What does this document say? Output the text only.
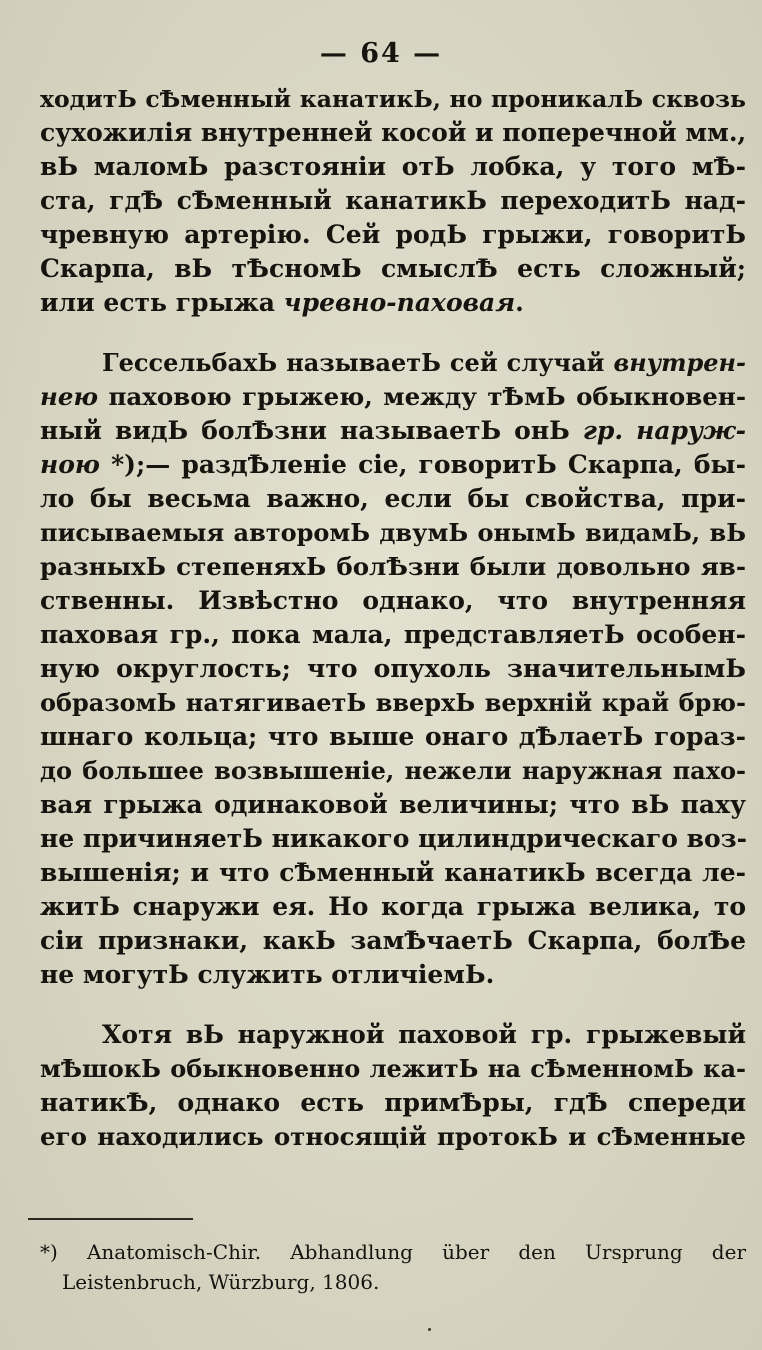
— 64 —

ходитЬ сѢменный канатикЬ, но проникалЬ сквозь

сухожилія внутренней косой и поперечной мм.,

вЬ маломЬ разстояніи отЬ лобка, у того мѢ-

ста, гдѢ сѢменный канатикЬ переходитЬ над-

чревную артерію. Сей родЬ грыжи, говоритЬ

Скарпа, вЬ тѢсномЬ смыслѢ есть сложный;

или есть грыжа чревно-паховая.

ГессельбахЬ называетЬ сей случай внутрен-

нею паховою грыжею, между тѢмЬ обыкновен-

ный видЬ болѢзни называетЬ онЬ гр. наруж-

ною *);— раздѢленіе сіе, говоритЬ Скарпа, бы-

ло бы весьма важно, если бы свойства, при-

писываемыя авторомЬ двумЬ онымЬ видамЬ, вЬ

разныхЬ степеняхЬ болѢзни были довольно яв-

ственны. Извѣстно однако, что внутренняя

паховая гр., пока мала, представляетЬ особен-

ную округлость; что опухоль значительнымЬ

образомЬ натягиваетЬ вверхЬ верхній край брю-

шнаго кольца; что выше онаго дѢлаетЬ гораз-

до большее возвышеніе, нежели наружная пахо-

вая грыжа одинаковой величины; что вЬ паху

не причиняетЬ никакого цилиндрическаго воз-

вышенія; и что сѢменный канатикЬ всегда ле-

житЬ снаружи ея. Но когда грыжа велика, то

сіи признаки, какЬ замѢчаетЬ Скарпа, болѢе

не могутЬ служить отличіемЬ.

Хотя вЬ наружной паховой гр. грыжевый

мѢшокЬ обыкновенно лежитЬ на сѢменномЬ ка-

натикѢ, однако есть примѢры, гдѢ спереди

его находились относящій протокЬ и сѢменные

*) Anatomisch-Chir. Abhandlung über den Ursprung der

Leistenbruch, Würzburg, 1806.
